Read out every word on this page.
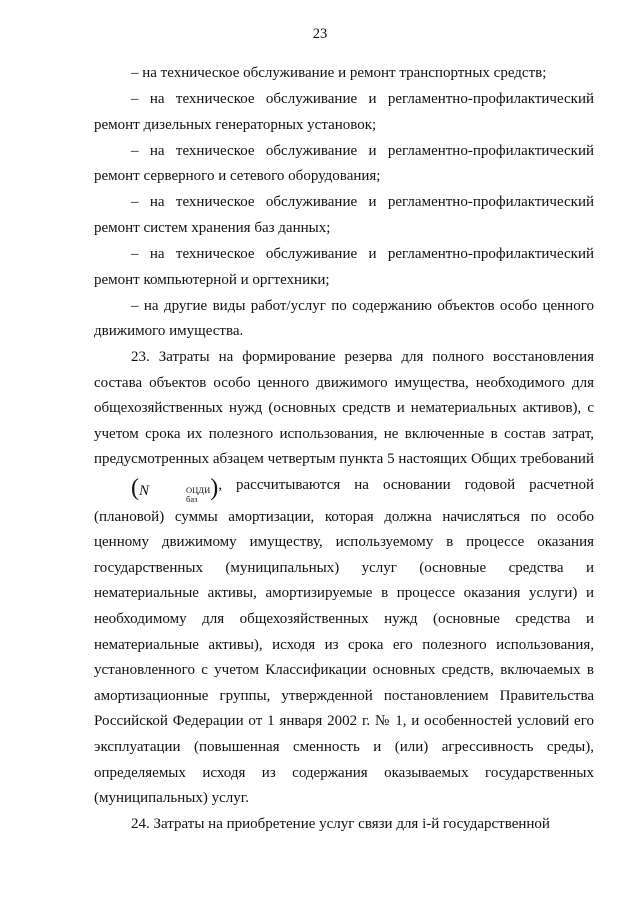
23

– на техническое обслуживание и ремонт транспортных средств;

– на техническое обслуживание и регламентно-профилактический ремонт дизельных генераторных установок;

– на техническое обслуживание и регламентно-профилактический ремонт серверного и сетевого оборудования;

– на техническое обслуживание и регламентно-профилактический ремонт систем хранения баз данных;

– на техническое обслуживание и регламентно-профилактический ремонт компьютерной и оргтехники;

– на другие виды работ/услуг по содержанию объектов особо ценного движимого имущества.

23. Затраты на формирование резерва для полного восстановления состава объектов особо ценного движимого имущества, необходимого для общехозяйственных нужд (основных средств и нематериальных активов), с учетом срока их полезного использования, не включенные в состав затрат, предусмотренных абзацем четвертым пункта 5 настоящих Общих требований (N	ОЦДИ
баз ), рассчитываются на основании годовой расчетной (плановой) суммы амортизации, которая должна начисляться по особо ценному движимому имуществу, используемому в процессе оказания государственных (муниципальных) услуг (основные средства и нематериальные активы, амортизируемые в процессе оказания услуги) и необходимому для общехозяйственных нужд (основные средства и нематериальные активы), исходя из срока его полезного использования, установленного с учетом Классификации основных средств, включаемых в амортизационные группы, утвержденной постановлением Правительства Российской Федерации от 1 января 2002 г. № 1, и особенностей условий его эксплуатации (повышенная сменность и (или) агрессивность среды), определяемых исходя из содержания оказываемых государственных (муниципальных) услуг.

24. Затраты на приобретение услуг связи для i-й государственной
